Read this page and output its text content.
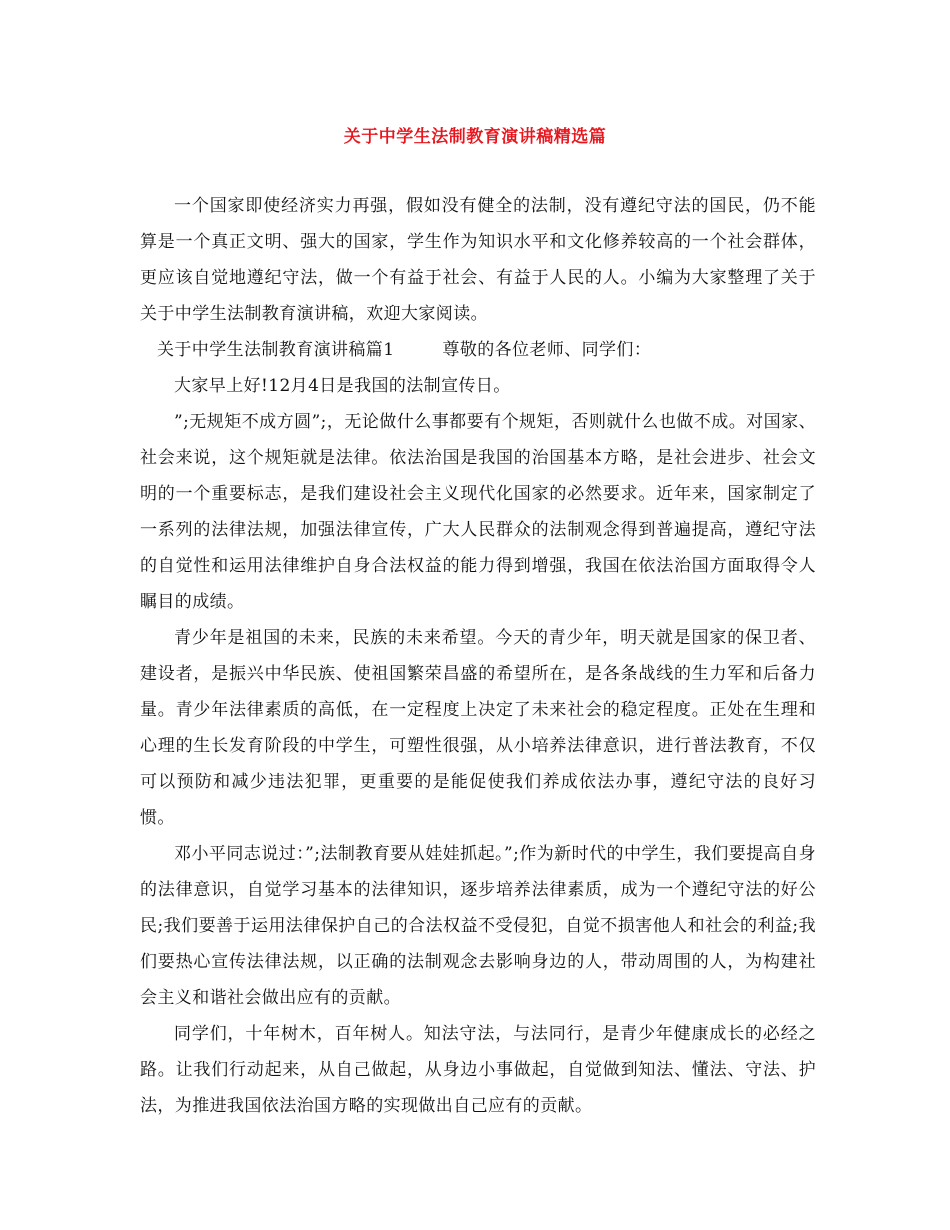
关于中学生法制教育演讲稿精选篇

一个国家即使经济实力再强，假如没有健全的法制，没有遵纪守法的国民，仍不能算是一个真正文明、强大的国家，学生作为知识水平和文化修养较高的一个社会群体，更应该自觉地遵纪守法，做一个有益于社会、有益于人民的人。小编为大家整理了关于关于中学生法制教育演讲稿，欢迎大家阅读。

关于中学生法制教育演讲稿篇1	尊敬的各位老师、同学们：

大家早上好!12月4日是我国的法制宣传日。

”;无规矩不成方圆”;，无论做什么事都要有个规矩，否则就什么也做不成。对国家、社会来说，这个规矩就是法律。依法治国是我国的治国基本方略，是社会进步、社会文明的一个重要标志，是我们建设社会主义现代化国家的必然要求。近年来，国家制定了一系列的法律法规，加强法律宣传，广大人民群众的法制观念得到普遍提高，遵纪守法的自觉性和运用法律维护自身合法权益的能力得到增强，我国在依法治国方面取得令人瞩目的成绩。

青少年是祖国的未来，民族的未来希望。今天的青少年，明天就是国家的保卫者、建设者，是振兴中华民族、使祖国繁荣昌盛的希望所在，是各条战线的生力军和后备力量。青少年法律素质的高低，在一定程度上决定了未来社会的稳定程度。正处在生理和心理的生长发育阶段的中学生，可塑性很强，从小培养法律意识，进行普法教育，不仅可以预防和减少违法犯罪，更重要的是能促使我们养成依法办事，遵纪守法的良好习惯。

邓小平同志说过：”;法制教育要从娃娃抓起。”;作为新时代的中学生，我们要提高自身的法律意识，自觉学习基本的法律知识，逐步培养法律素质，成为一个遵纪守法的好公民;我们要善于运用法律保护自己的合法权益不受侵犯，自觉不损害他人和社会的利益;我们要热心宣传法律法规，以正确的法制观念去影响身边的人，带动周围的人，为构建社会主义和谐社会做出应有的贡献。

同学们，十年树木，百年树人。知法守法，与法同行，是青少年健康成长的必经之路。让我们行动起来，从自己做起，从身边小事做起，自觉做到知法、懂法、守法、护法，为推进我国依法治国方略的实现做出自己应有的贡献。
